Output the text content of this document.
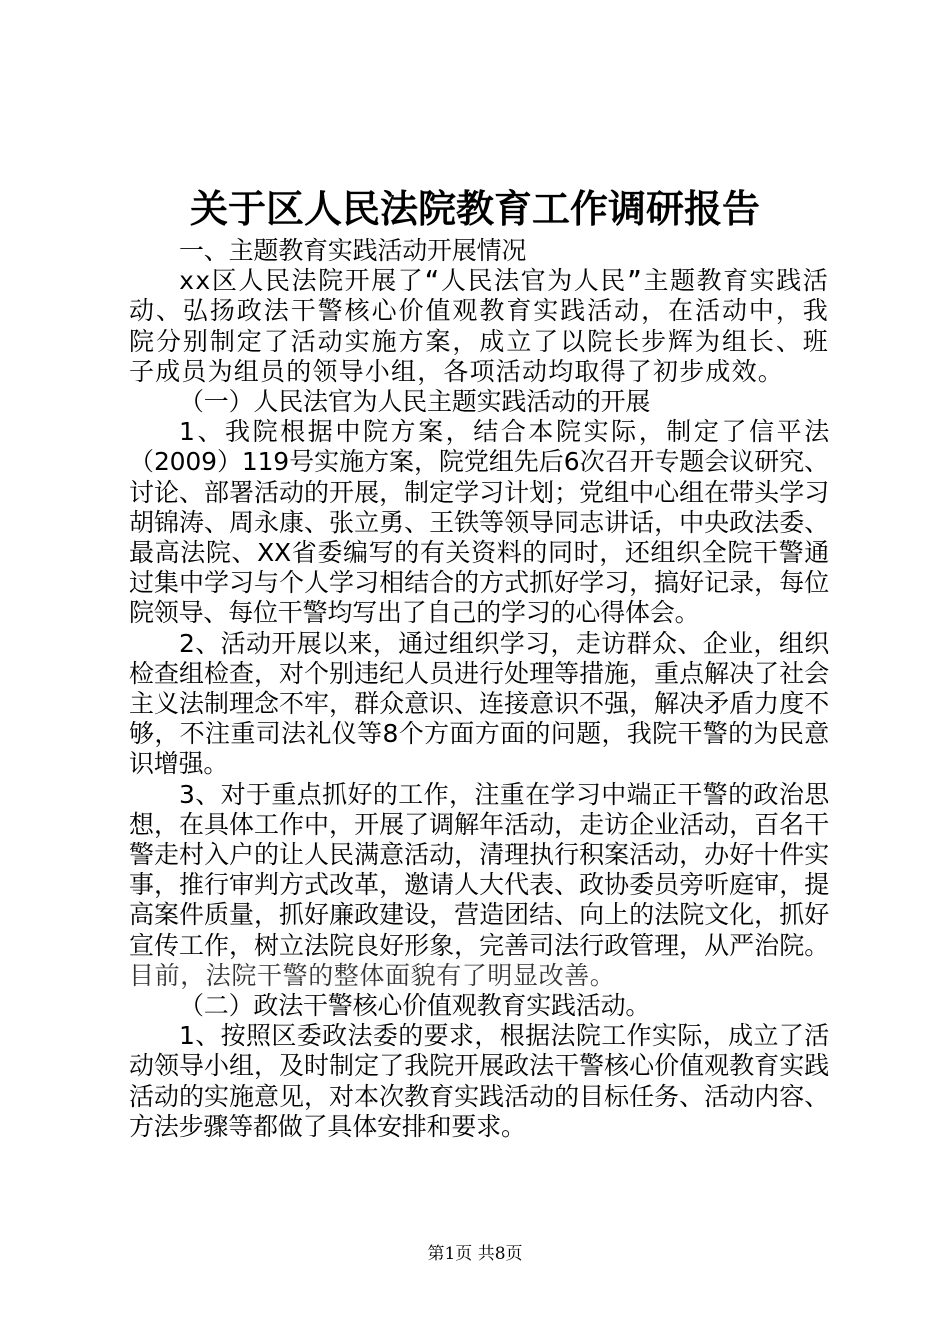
关于区人民法院教育工作调研报告

一、主题教育实践活动开展情况

xx区人民法院开展了“人民法官为人民”主题教育实践活动、弘扬政法干警核心价值观教育实践活动，在活动中，我院分别制定了活动实施方案，成立了以院长步辉为组长、班子成员为组员的领导小组，各项活动均取得了初步成效。

（一）人民法官为人民主题实践活动的开展

1、我院根据中院方案，结合本院实际，制定了信平法（2009）119号实施方案，院党组先后6次召开专题会议研究、讨论、部署活动的开展，制定学习计划；党组中心组在带头学习胡锦涛、周永康、张立勇、王铁等领导同志讲话，中央政法委、最高法院、XX省委编写的有关资料的同时，还组织全院干警通过集中学习与个人学习相结合的方式抓好学习，搞好记录，每位院领导、每位干警均写出了自己的学习的心得体会。

2、活动开展以来，通过组织学习，走访群众、企业，组织检查组检查，对个别违纪人员进行处理等措施，重点解决了社会主义法制理念不牢，群众意识、连接意识不强，解决矛盾力度不够，不注重司法礼仪等8个方面方面的问题，我院干警的为民意识增强。

3、对于重点抓好的工作，注重在学习中端正干警的政治思想，在具体工作中，开展了调解年活动，走访企业活动，百名干警走村入户的让人民满意活动，清理执行积案活动，办好十件实事，推行审判方式改革，邀请人大代表、政协委员旁听庭审，提高案件质量，抓好廉政建设，营造团结、向上的法院文化，抓好宣传工作，树立法院良好形象，完善司法行政管理，从严治院。目前，法院干警的整体面貌有了明显改善。

（二）政法干警核心价值观教育实践活动。

1、按照区委政法委的要求，根据法院工作实际，成立了活动领导小组，及时制定了我院开展政法干警核心价值观教育实践活动的实施意见，对本次教育实践活动的目标任务、活动内容、方法步骤等都做了具体安排和要求。

第1页 共8页
